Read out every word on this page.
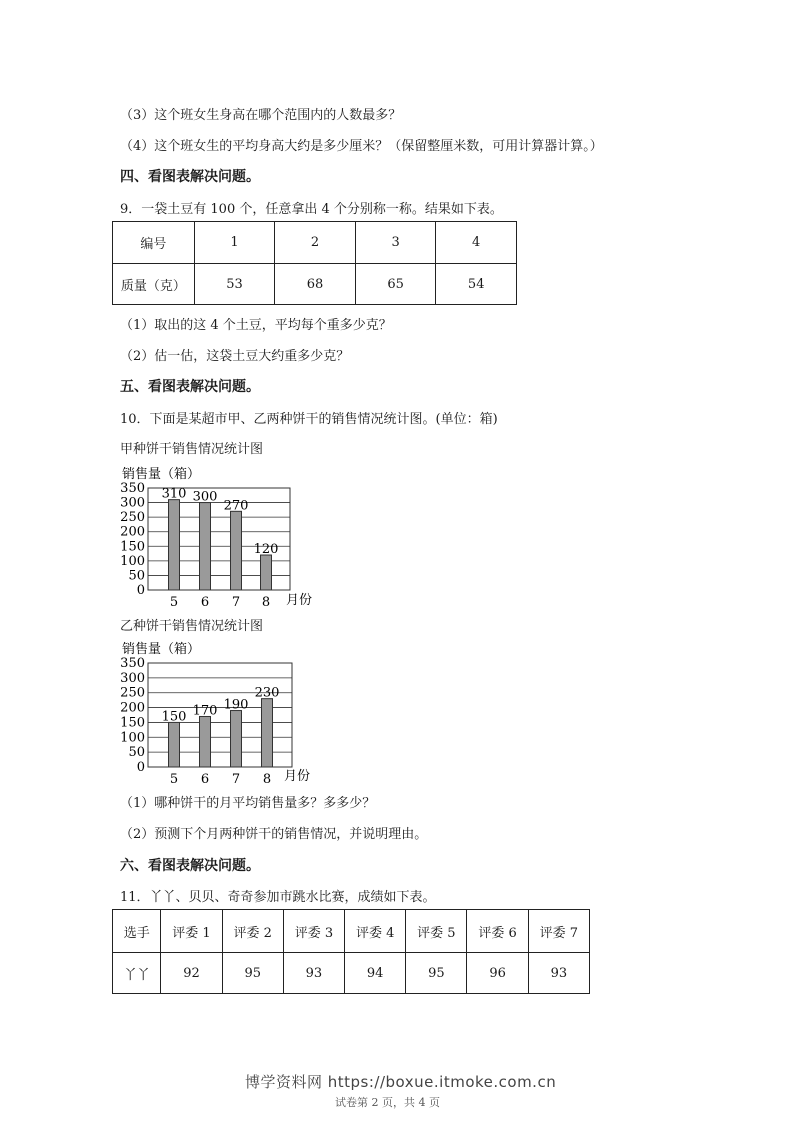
（3）这个班女生身高在哪个范围内的人数最多？
（4）这个班女生的平均身高大约是多少厘米？（保留整厘米数，可用计算器计算。）
四、看图表解决问题。
9．一袋土豆有 100 个，任意拿出 4 个分别称一称。结果如下表。
编号	1	2	3	4
质量（克）	53	68	65	54
（1）取出的这 4 个土豆，平均每个重多少克？
（2）估一估，这袋土豆大约重多少克？
五、看图表解决问题。
10．下面是某超市甲、乙两种饼干的销售情况统计图。(单位：箱)
甲种饼干销售情况统计图
销售量（箱）
0
50
100
150
200
250
300
350 310 300
270
120
5 6 7 8 月份
乙种饼干销售情况统计图
销售量（箱）
0
50
100
150
200
250
300
350
150 170 190
230
5 6 7 8 月份
（1）哪种饼干的月平均销售量多？多多少？
（2）预测下个月两种饼干的销售情况，并说明理由。
六、看图表解决问题。
11．丫丫、贝贝、奇奇参加市跳水比赛，成绩如下表。
选手	评委 1	评委 2	评委 3	评委 4	评委 5	评委 6	评委 7
丫丫	92	95	93	94	95	96	93
博学资料网 https://boxue.itmoke.com.cn
试卷第 2 页，共 4 页
